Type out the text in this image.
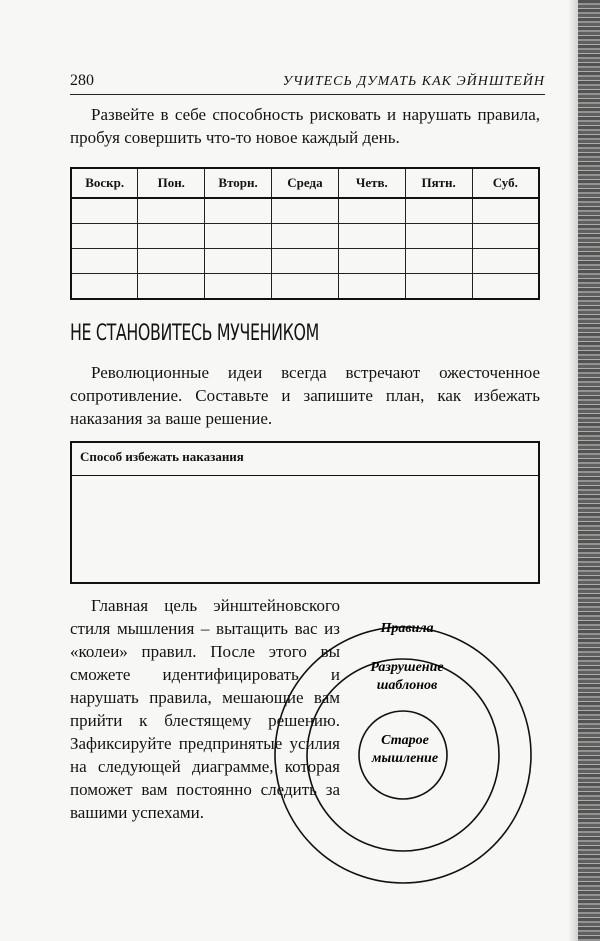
280	УЧИТЕСЬ ДУМАТЬ КАК ЭЙНШТЕЙН

Развейте в себе способность рисковать и нарушать правила, пробуя совершить что-то новое каждый день.

Воскр.	Пон.	Вторн.	Среда	Четв.	Пятн.	Суб.

НЕ СТАНОВИТЕСЬ МУЧЕНИКОМ

Революционные идеи всегда встречают ожесточенное сопротивление. Составьте и запишите план, как избежать наказания за ваше решение.

Способ избежать наказания

Главная цель эйнштейновского стиля мышления – вытащить вас из «колеи» правил. После этого вы сможете идентифицировать и нарушать правила, мешающие вам прийти к блестящему решению. Зафиксируйте предпринятые усилия на следующей диаграмме, которая поможет вам постоянно следить за вашими успехами.

Правила
Разрушение
шаблонов
Старое
мышление
